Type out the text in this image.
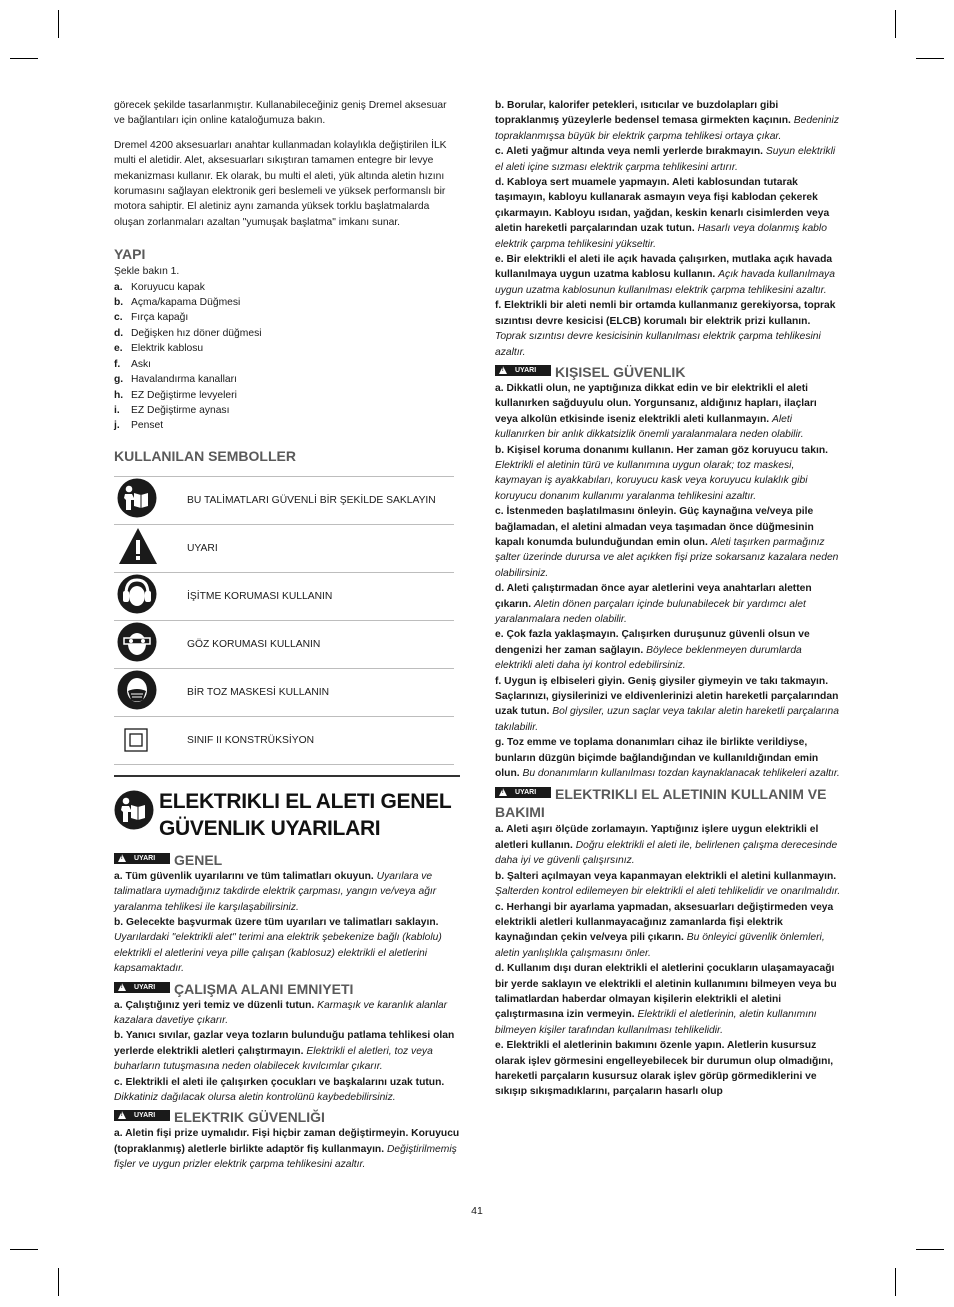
görecek şekilde tasarlanmıştır. Kullanabileceğiniz geniş Dremel aksesuar ve bağlantıları için online kataloğumuza bakın.

Dremel 4200 aksesuarları anahtar kullanmadan kolaylıkla değiştirilen İLK multi el aletidir. Alet, aksesuarları sıkıştıran tamamen entegre bir levye mekanizması kullanır. Ek olarak, bu multi el aleti, yük altında aletin hızını korumasını sağlayan elektronik geri beslemeli ve yüksek performanslı bir motora sahiptir. El aletiniz aynı zamanda yüksek torklu başlatmalarda oluşan zorlanmaları azaltan "yumuşak başlatma" imkanı sunar.

YAPI

Şekle bakın 1.

a. Koruyucu kapak
b. Açma/kapama Düğmesi
c. Fırça kapağı
d. Değişken hız döner düğmesi
e. Elektrik kablosu
f.	Askı
g. Havalandırma kanalları
h. EZ Değiştirme levyeleri
i.	EZ Değiştirme aynası
j.	Penset
KULLANILAN SEMBOLLER
	BU TALİMATLARI GÜVENLİ BİR ŞEKİLDE SAKLAYIN
	UYARI
	İŞİTME KORUMASI KULLANIN
	GÖZ KORUMASI KULLANIN
	BİR TOZ MASKESİ KULLANIN
	SINIF II KONSTRÜKSİYON
ELEKTRIKLI EL ALETI GENEL
GÜVENLIK UYARILARI
!
UYARI GENEL

a. Tüm güvenlik uyarılarını ve tüm talimatları okuyun. Uyarılara ve talimatlara uymadığınız takdirde elektrik çarpması, yangın ve/veya ağır yaralanma tehlikesi ile karşılaşabilirsiniz.

b. Gelecekte başvurmak üzere tüm uyarıları ve talimatları saklayın. Uyarılardaki "elektrikli alet" terimi ana elektrik şebekenize bağlı (kablolu) elektrikli el aletlerini veya pille çalışan (kablosuz) elektrikli el aletlerini kapsamaktadır.

!
UYARI ÇALIŞMA ALANI EMNIYETI

a. Çalıştığınız yeri temiz ve düzenli tutun. Karmaşık ve karanlık alanlar kazalara davetiye çıkarır.

b. Yanıcı sıvılar, gazlar veya tozların bulunduğu patlama tehlikesi olan yerlerde elektrikli aletleri çalıştırmayın. Elektrikli el aletleri, toz veya buharların tutuşmasına neden olabilecek kıvılcımlar çıkarır.

c. Elektrikli el aleti ile çalışırken çocukları ve başkalarını uzak tutun. Dikkatiniz dağılacak olursa aletin kontrolünü kaybedebilirsiniz.

!
UYARI ELEKTRIK GÜVENLIĞI

a. Aletin fişi prize uymalıdır. Fişi hiçbir zaman değiştirmeyin. Koruyucu (topraklanmış) aletlerle birlikte adaptör fiş kullanmayın. Değiştirilmemiş fişler ve uygun prizler elektrik çarpma tehlikesini azaltır.

b. Borular, kalorifer petekleri, ısıtıcılar ve buzdolapları gibi topraklanmış yüzeylerle bedensel temasa girmekten kaçının. Bedeniniz topraklanmışsa büyük bir elektrik çarpma tehlikesi ortaya çıkar.

c. Aleti yağmur altında veya nemli yerlerde bırakmayın. Suyun elektrikli el aleti içine sızması elektrik çarpma tehlikesini artırır.

d. Kabloya sert muamele yapmayın. Aleti kablosundan tutarak taşımayın, kabloyu kullanarak asmayın veya fişi kablodan çekerek çıkarmayın. Kabloyu ısıdan, yağdan, keskin kenarlı cisimlerden veya aletin hareketli parçalarından uzak tutun. Hasarlı veya dolanmış kablo elektrik çarpma tehlikesini yükseltir.

e. Bir elektrikli el aleti ile açık havada çalışırken, mutlaka açık havada kullanılmaya uygun uzatma kablosu kullanın. Açık havada kullanılmaya uygun uzatma kablosunun kullanılması elektrik çarpma tehlikesini azaltır.

f. Elektrikli bir aleti nemli bir ortamda kullanmanız gerekiyorsa, toprak sızıntısı devre kesicisi (ELCB) korumalı bir elektrik prizi kullanın. Toprak sızıntısı devre kesicisinin kullanılması elektrik çarpma tehlikesini azaltır.

!
UYARI KIŞISEL GÜVENLIK

a. Dikkatli olun, ne yaptığınıza dikkat edin ve bir elektrikli el aleti kullanırken sağduyulu olun. Yorgunsanız, aldığınız hapları, ilaçları veya alkolün etkisinde iseniz elektrikli aleti kullanmayın. Aleti kullanırken bir anlık dikkatsizlik önemli yaralanmalara neden olabilir.

b. Kişisel koruma donanımı kullanın. Her zaman göz koruyucu takın. Elektrikli el aletinin türü ve kullanımına uygun olarak; toz maskesi, kaymayan iş ayakkabıları, koruyucu kask veya koruyucu kulaklık gibi koruyucu donanım kullanımı yaralanma tehlikesini azaltır.

c. İstenmeden başlatılmasını önleyin. Güç kaynağına ve/veya pile bağlamadan, el aletini almadan veya taşımadan önce düğmesinin kapalı konumda bulunduğundan emin olun. Aleti taşırken parmağınız şalter üzerinde durursa ve alet açıkken fişi prize sokarsanız kazalara neden olabilirsiniz.

d. Aleti çalıştırmadan önce ayar aletlerini veya anahtarları aletten çıkarın. Aletin dönen parçaları içinde bulunabilecek bir yardımcı alet yaralanmalara neden olabilir.

e. Çok fazla yaklaşmayın. Çalışırken duruşunuz güvenli olsun ve dengenizi her zaman sağlayın. Böylece beklenmeyen durumlarda elektrikli aleti daha iyi kontrol edebilirsiniz.

f. Uygun iş elbiseleri giyin. Geniş giysiler giymeyin ve takı takmayın. Saçlarınızı, giysilerinizi ve eldivenlerinizi aletin hareketli parçalarından uzak tutun. Bol giysiler, uzun saçlar veya takılar aletin hareketli parçalarına takılabilir.

g. Toz emme ve toplama donanımları cihaz ile birlikte verildiyse, bunların düzgün biçimde bağlandığından ve kullanıldığından emin olun. Bu donanımların kullanılması tozdan kaynaklanacak tehlikeleri azaltır.

!
UYARI ELEKTRIKLI EL ALETININ KULLANIM VE BAKIMI

a. Aleti aşırı ölçüde zorlamayın. Yaptığınız işlere uygun elektrikli el aletleri kullanın. Doğru elektrikli el aleti ile, belirlenen çalışma derecesinde daha iyi ve güvenli çalışırsınız.

b. Şalteri açılmayan veya kapanmayan elektrikli el aletini kullanmayın. Şalterden kontrol edilemeyen bir elektrikli el aleti tehlikelidir ve onarılmalıdır.

c. Herhangi bir ayarlama yapmadan, aksesuarları değiştirmeden veya elektrikli aletleri kullanmayacağınız zamanlarda fişi elektrik kaynağından çekin ve/veya pili çıkarın. Bu önleyici güvenlik önlemleri, aletin yanlışlıkla çalışmasını önler.

d. Kullanım dışı duran elektrikli el aletlerini çocukların ulaşamayacağı bir yerde saklayın ve elektrikli el aletinin kullanımını bilmeyen veya bu talimatlardan haberdar olmayan kişilerin elektrikli el aletini çalıştırmasına izin vermeyin. Elektrikli el aletlerinin, aletin kullanımını bilmeyen kişiler tarafından kullanılması tehlikelidir.

e. Elektrikli el aletlerinin bakımını özenle yapın. Aletlerin kusursuz olarak işlev görmesini engelleyebilecek bir durumun olup olmadığını, hareketli parçaların kusursuz olarak işlev görüp görmediklerini ve sıkışıp sıkışmadıklarını, parçaların hasarlı olup

41
